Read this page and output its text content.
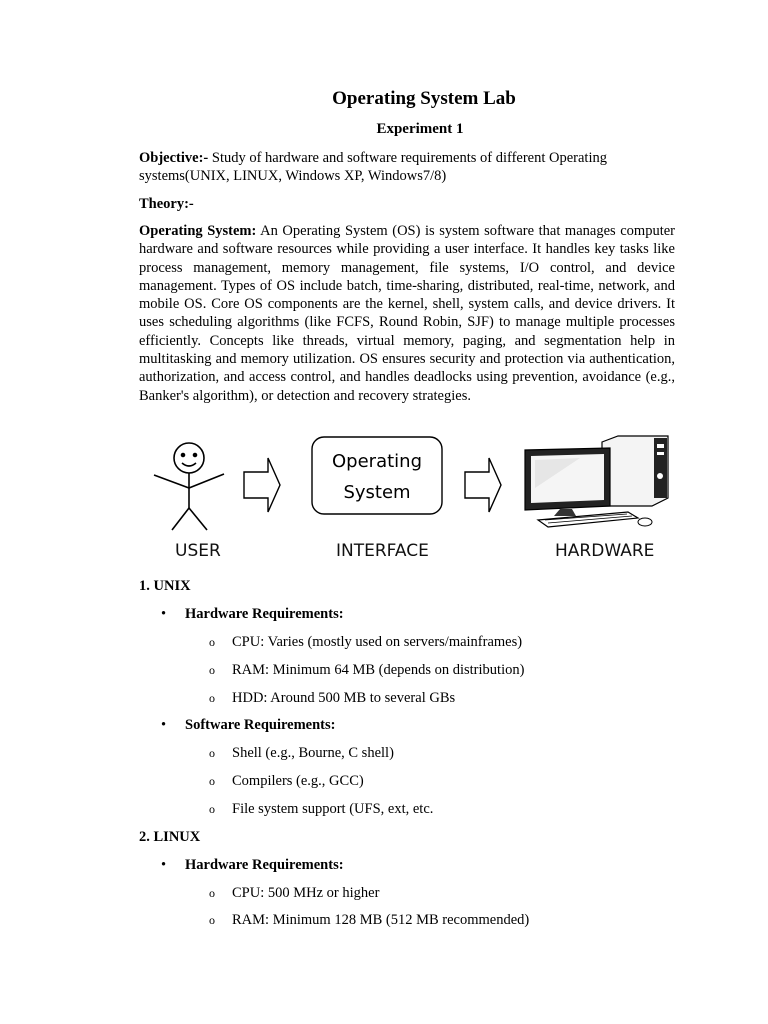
Operating System Lab
Experiment 1
Objective:- Study of hardware and software requirements of different Operating systems(UNIX, LINUX, Windows XP, Windows7/8)
Theory:-
Operating System: An Operating System (OS) is system software that manages computer hardware and software resources while providing a user interface. It handles key tasks like process management, memory management, file systems, I/O control, and device management. Types of OS include batch, time-sharing, distributed, real-time, network, and mobile OS. Core OS components are the kernel, shell, system calls, and device drivers. It uses scheduling algorithms (like FCFS, Round Robin, SJF) to manage multiple processes efficiently. Concepts like threads, virtual memory, paging, and segmentation help in multitasking and memory utilization. OS ensures security and protection via authentication, authorization, and access control, and handles deadlocks using prevention, avoidance (e.g., Banker's algorithm), or detection and recovery strategies.
Operating
System
USER	INTERFACE	HARDWARE
1. UNIX
• Hardware Requirements:
o CPU: Varies (mostly used on servers/mainframes)
o RAM: Minimum 64 MB (depends on distribution)
o HDD: Around 500 MB to several GBs
• Software Requirements:
o Shell (e.g., Bourne, C shell)
o Compilers (e.g., GCC)
o File system support (UFS, ext, etc.
2. LINUX
• Hardware Requirements:
o CPU: 500 MHz or higher
o RAM: Minimum 128 MB (512 MB recommended)
